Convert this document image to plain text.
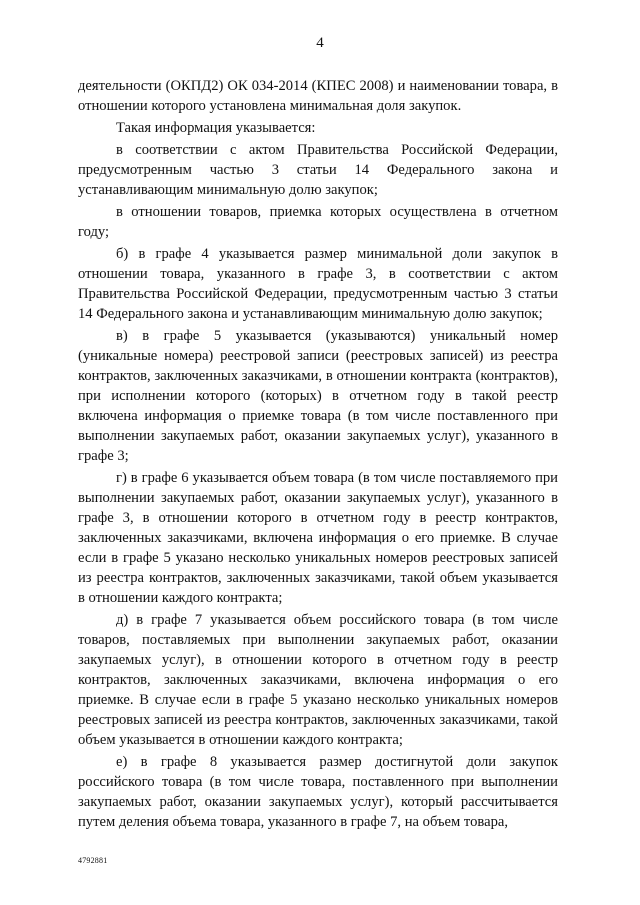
4

деятельности (ОКПД2) ОК 034-2014 (КПЕС 2008) и наименовании товара, в отношении которого установлена минимальная доля закупок.

Такая информация указывается:

в соответствии с актом Правительства Российской Федерации, предусмотренным частью 3 статьи 14 Федерального закона и устанавливающим минимальную долю закупок;

в отношении товаров, приемка которых осуществлена в отчетном году;

б) в графе 4 указывается размер минимальной доли закупок в отношении товара, указанного в графе 3, в соответствии с актом Правительства Российской Федерации, предусмотренным частью 3 статьи 14 Федерального закона и устанавливающим минимальную долю закупок;

в) в графе 5 указывается (указываются) уникальный номер (уникальные номера) реестровой записи (реестровых записей) из реестра контрактов, заключенных заказчиками, в отношении контракта (контрактов), при исполнении которого (которых) в отчетном году в такой реестр включена информация о приемке товара (в том числе поставленного при выполнении закупаемых работ, оказании закупаемых услуг), указанного в графе 3;

г) в графе 6 указывается объем товара (в том числе поставляемого при выполнении закупаемых работ, оказании закупаемых услуг), указанного в графе 3, в отношении которого в отчетном году в реестр контрактов, заключенных заказчиками, включена информация о его приемке. В случае если в графе 5 указано несколько уникальных номеров реестровых записей из реестра контрактов, заключенных заказчиками, такой объем указывается в отношении каждого контракта;

д) в графе 7 указывается объем российского товара (в том числе товаров, поставляемых при выполнении закупаемых работ, оказании закупаемых услуг), в отношении которого в отчетном году в реестр контрактов, заключенных заказчиками, включена информация о его приемке. В случае если в графе 5 указано несколько уникальных номеров реестровых записей из реестра контрактов, заключенных заказчиками, такой объем указывается в отношении каждого контракта;

е) в графе 8 указывается размер достигнутой доли закупок российского товара (в том числе товара, поставленного при выполнении закупаемых работ, оказании закупаемых услуг), который рассчитывается путем деления объема товара, указанного в графе 7, на объем товара,

4792881
